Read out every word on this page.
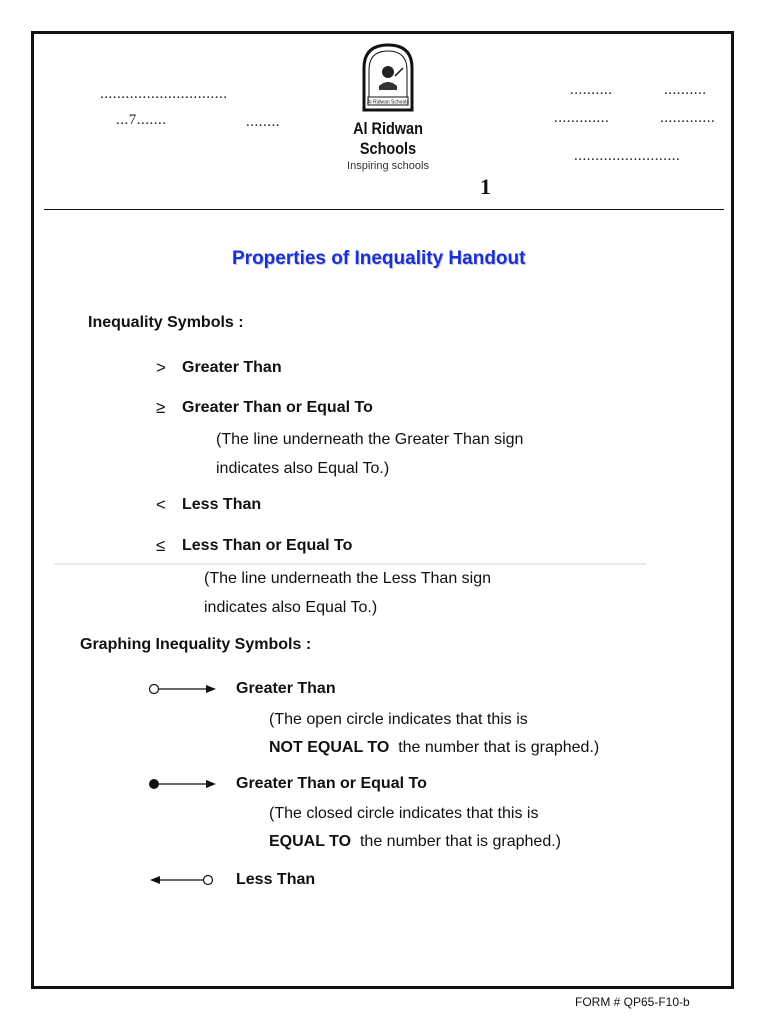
..............................
...7.......	........
..........	..........
.............	.............
.........................
Al Ridwan Schools
Al Ridwan Schools
Inspiring schools
1
Properties of Inequality Handout
Inequality Symbols :
>	Greater Than
≥	Greater Than or Equal To
(The line underneath the Greater Than sign
indicates also Equal To.)
<	Less Than
≤	Less Than or Equal To
(The line underneath the Less Than sign
indicates also Equal To.)
Graphing Inequality Symbols :
Greater Than
(The open circle indicates that this is
NOT EQUAL TO the number that is graphed.)
Greater Than or Equal To
(The closed circle indicates that this is
EQUAL TO the number that is graphed.)
Less Than
FORM # QP65-F10-b
